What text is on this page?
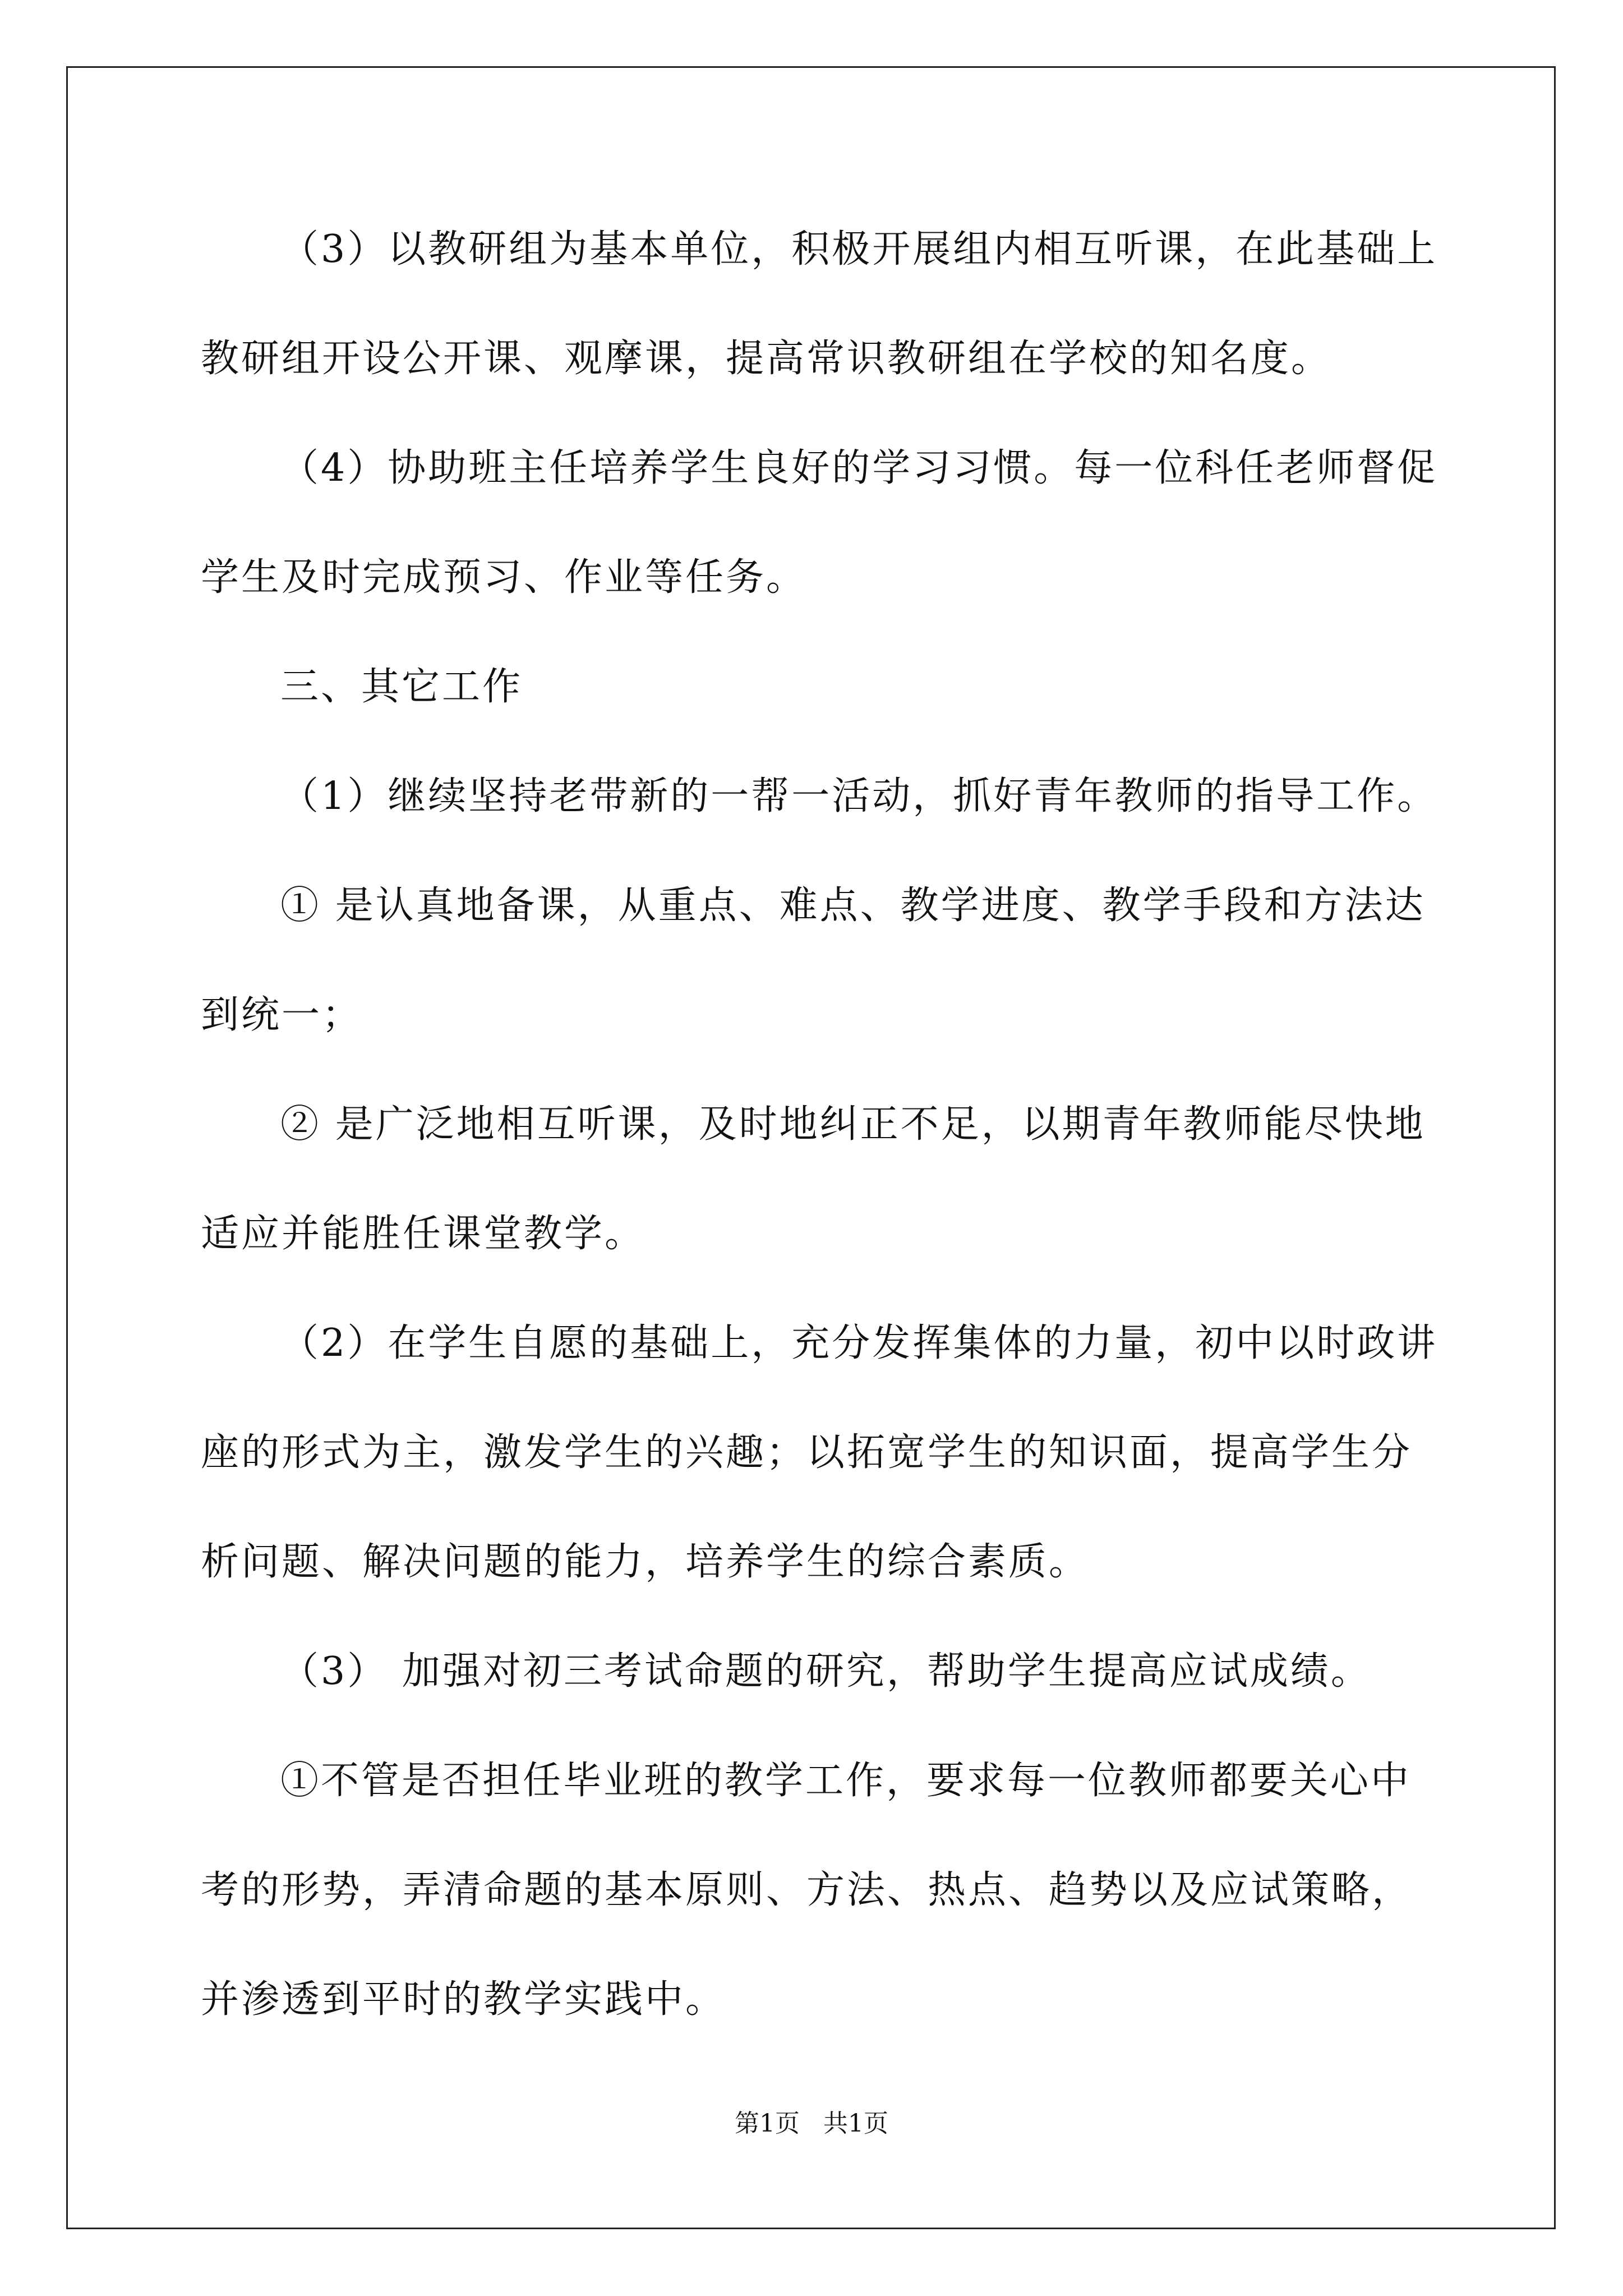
（3）以教研组为基本单位，积极开展组内相互听课，在此基础上
教研组开设公开课、观摩课，提高常识教研组在学校的知名度。
（4）协助班主任培养学生良好的学习习惯。每一位科任老师督促
学生及时完成预习、作业等任务。
三、其它工作
（1）继续坚持老带新的一帮一活动，抓好青年教师的指导工作。
① 是认真地备课，从重点、难点、教学进度、教学手段和方法达
到统一；
② 是广泛地相互听课，及时地纠正不足，以期青年教师能尽快地
适应并能胜任课堂教学。
（2）在学生自愿的基础上，充分发挥集体的力量，初中以时政讲
座的形式为主，激发学生的兴趣；以拓宽学生的知识面，提高学生分
析问题、解决问题的能力，培养学生的综合素质。
（3） 加强对初三考试命题的研究，帮助学生提高应试成绩。
①不管是否担任毕业班的教学工作，要求每一位教师都要关心中
考的形势，弄清命题的基本原则、方法、热点、趋势以及应试策略，
并渗透到平时的教学实践中。
第1页   共1页
